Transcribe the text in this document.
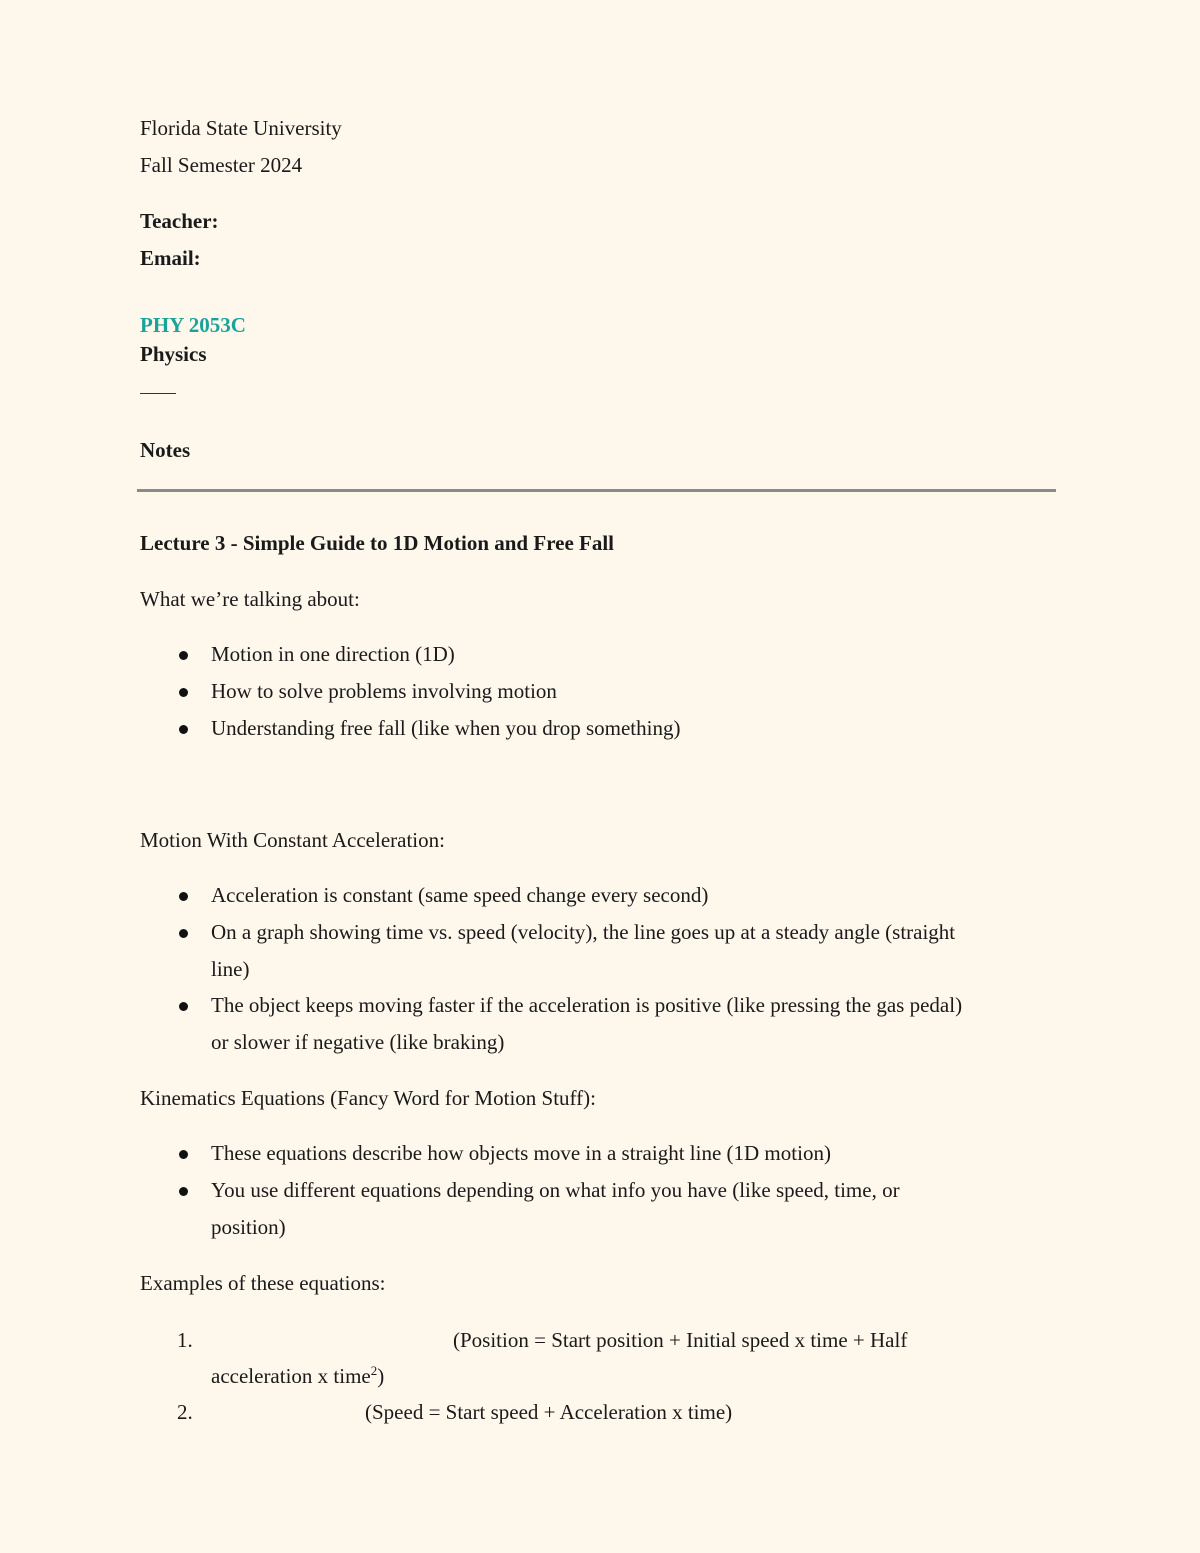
Florida State University
Fall Semester 2024
Teacher:
Email:
PHY 2053C
Physics
Notes
Lecture 3 - Simple Guide to 1D Motion and Free Fall
What we’re talking about:
Motion in one direction (1D)
How to solve problems involving motion
Understanding free fall (like when you drop something)
Motion With Constant Acceleration:
Acceleration is constant (same speed change every second)
On a graph showing time vs. speed (velocity), the line goes up at a steady angle (straight
line)
The object keeps moving faster if the acceleration is positive (like pressing the gas pedal)
or slower if negative (like braking)
Kinematics Equations (Fancy Word for Motion Stuff):
These equations describe how objects move in a straight line (1D motion)
You use different equations depending on what info you have (like speed, time, or
position)
Examples of these equations:
1.	(Position = Start position + Initial speed x time + Half
acceleration x time$^2$)
2.	(Speed = Start speed + Acceleration x time)
